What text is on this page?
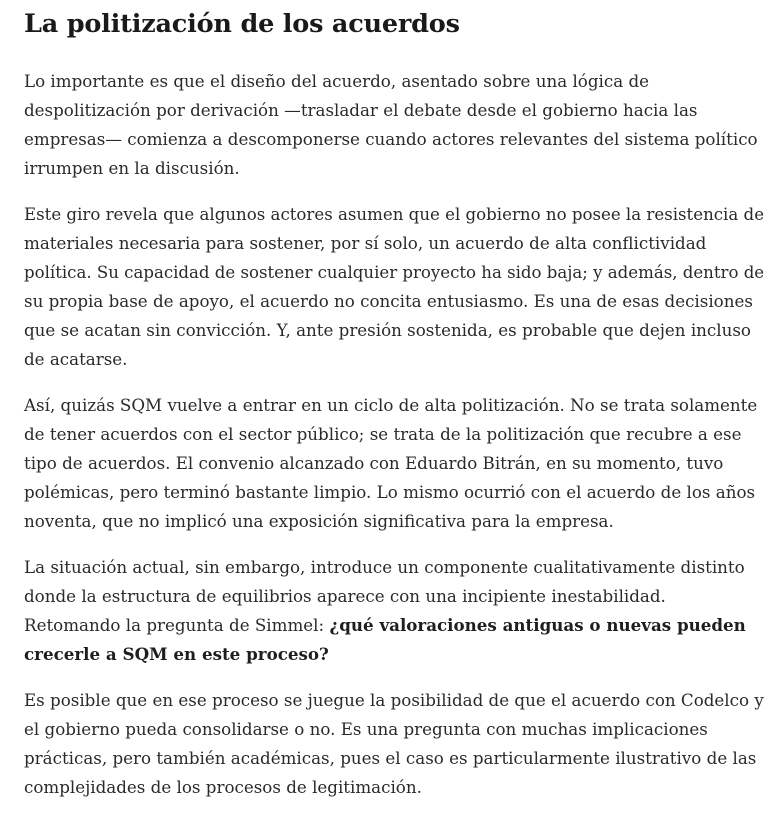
La politización de los acuerdos

Lo importante es que el diseño del acuerdo, asentado sobre una lógica de
despolitización por derivación —trasladar el debate desde el gobierno hacia las
empresas— comienza a descomponerse cuando actores relevantes del sistema político
irrumpen en la discusión.

Este giro revela que algunos actores asumen que el gobierno no posee la resistencia de
materiales necesaria para sostener, por sí solo, un acuerdo de alta conflictividad
política. Su capacidad de sostener cualquier proyecto ha sido baja; y además, dentro de
su propia base de apoyo, el acuerdo no concita entusiasmo. Es una de esas decisiones
que se acatan sin convicción. Y, ante presión sostenida, es probable que dejen incluso
de acatarse.

Así, quizás SQM vuelve a entrar en un ciclo de alta politización. No se trata solamente
de tener acuerdos con el sector público; se trata de la politización que recubre a ese
tipo de acuerdos. El convenio alcanzado con Eduardo Bitrán, en su momento, tuvo
polémicas, pero terminó bastante limpio. Lo mismo ocurrió con el acuerdo de los años
noventa, que no implicó una exposición significativa para la empresa.

La situación actual, sin embargo, introduce un componente cualitativamente distinto
donde la estructura de equilibrios aparece con una incipiente inestabilidad.
Retomando la pregunta de Simmel: ¿qué valoraciones antiguas o nuevas pueden
crecerle a SQM en este proceso?

Es posible que en ese proceso se juegue la posibilidad de que el acuerdo con Codelco y
el gobierno pueda consolidarse o no. Es una pregunta con muchas implicaciones
prácticas, pero también académicas, pues el caso es particularmente ilustrativo de las
complejidades de los procesos de legitimación.
